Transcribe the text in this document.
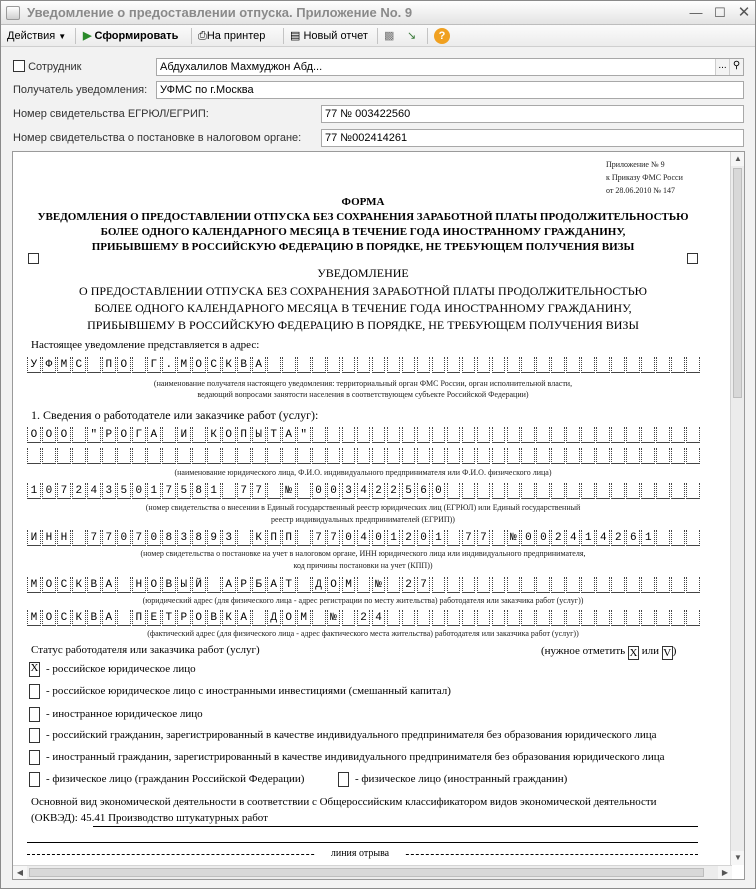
Уведомление о предоставлении отпуска. Приложение No. 9	— ☐ ✕
Действия ▼ ▶ Сформировать ⎙На принтер ▤ Новый отчет ▩ ↘	?
Сотрудник	Абдухалилов Махмуджон Абд...	... ⚲
Получатель уведомления:	УФМС по г.Москва
Номер свидетельства ЕГРЮЛ/ЕГРИП:	77 № 003422560
Номер свидетельства о постановке в налоговом органе:	77 №002414261
Приложение № 9
к Приказу ФМС Росси
от 28.06.2010 № 147
ФОРМА
УВЕДОМЛЕНИЯ О ПРЕДОСТАВЛЕНИИ ОТПУСКА БЕЗ СОХРАНЕНИЯ ЗАРАБОТНОЙ ПЛАТЫ ПРОДОЛЖИТЕЛЬНОСТЬЮ
БОЛЕЕ ОДНОГО КАЛЕНДАРНОГО МЕСЯЦА В ТЕЧЕНИЕ ГОДА ИНОСТРАННОМУ ГРАЖДАНИНУ,
ПРИБЫВШЕМУ В РОССИЙСКУЮ ФЕДЕРАЦИЮ В ПОРЯДКЕ, НЕ ТРЕБУЮЩЕМ ПОЛУЧЕНИЯ ВИЗЫ
УВЕДОМЛЕНИЕ
О ПРЕДОСТАВЛЕНИИ ОТПУСКА БЕЗ СОХРАНЕНИЯ ЗАРАБОТНОЙ ПЛАТЫ ПРОДОЛЖИТЕЛЬНОСТЬЮ
БОЛЕЕ ОДНОГО КАЛЕНДАРНОГО МЕСЯЦА В ТЕЧЕНИЕ ГОДА ИНОСТРАННОМУ ГРАЖДАНИНУ,
ПРИБЫВШЕМУ В РОССИЙСКУЮ ФЕДЕРАЦИЮ В ПОРЯДКЕ, НЕ ТРЕБУЮЩЕМ ПОЛУЧЕНИЯ ВИЗЫ
Настоящее уведомление представляется в адрес:
У Ф М С	П О	Г . М О С К В А
(наименование получателя настоящего уведомления: территориальный орган ФМС России, орган исполнительной власти,
ведающий вопросами занятости населения в соответствующем субъекте Российской Федерации)
1. Сведения о работодателе или заказчике работ (услуг):
О О О	" Р О Г А	И	К О П Ы Т А "
(наименование юридического лица, Ф.И.О. индивидуального предпринимателя или Ф.И.О. физического лица)
1 0 7 2 4 3 5 0 1 7 5 8 1	7 7	№	0 0 3 4 2 2 5 6 0
(номер свидетельства о внесении в Единый государственный реестр юридических лиц (ЕГРЮЛ) или Единый государственный
реестр индивидуальных предпринимателей (ЕГРИП))
И Н Н	7 7 0 7 0 8 3 8 9 3	К П П	7 7 0 4 0 1 2 0 1	7 7	№ 0 0 2 4 1 4 2 6 1
(номер свидетельства о постановке на учет в налоговом органе, ИНН юридического лица или индивидуального предпринимателя,
код причины постановки на учет (КПП))
М О С К В А	Н О В Ы Й	А Р Б А Т	Д О М	№	2 7
(юридический адрес (для физического лица - адрес регистрации по месту жительства) работодателя или заказчика работ (услуг))
М О С К В А	П Е Т Р О В К А	Д О М	№	2 4
(фактический адрес (для физического лица - адрес фактического места жительства) работодателя или заказчика работ (услуг))
Статус работодателя или заказчика работ (услуг)	(нужное отметить X или V )
X - российское юридическое лицо
- российское юридическое лицо с иностранными инвестициями (смешанный капитал)
- иностранное юридическое лицо
- российский гражданин, зарегистрированный в качестве индивидуального предпринимателя без образования юридического лица
- иностранный гражданин, зарегистрированный в качестве индивидуального предпринимателя без образования юридического лица
- физическое лицо (гражданин Российской Федерации)	- физическое лицо (иностранный гражданин)
Основной вид экономической деятельности в соответствии с Общероссийским классификатором видов экономической деятельности
(ОКВЭД): 45.41 Производство штукатурных работ
линия отрыва
▲
▼
◀	▶
